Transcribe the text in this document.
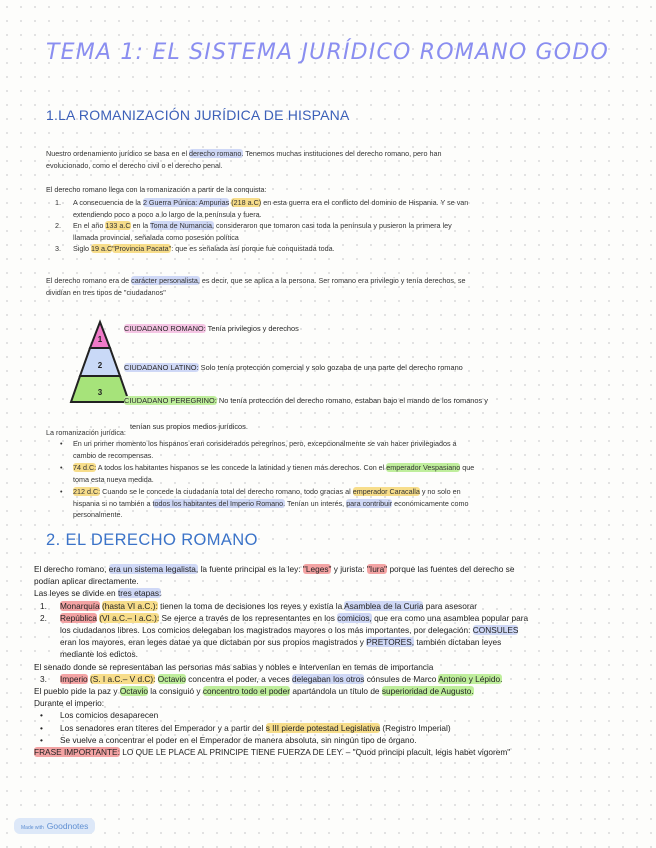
TEMA 1: EL SISTEMA JURÍDICO ROMANO GODO
1.LA ROMANIZACIÓN JURÍDICA DE HISPANA
Nuestro ordenamiento jurídico se basa en el derecho romano. Tenemos muchas instituciones del derecho romano, pero han
evolucionado, como el derecho civil o el derecho penal.
El derecho romano llega con la romanización a partir de la conquista:
1.	A consecuencia de la 2 Guerra Púnica: Ampurias (218 a.C) en esta guerra era el conflicto del dominio de Hispania. Y se van
extendiendo poco a poco a lo largo de la península y fuera.
2.	En el año 133 a.C en la Toma de Numancia, consideraron que tomaron casi toda la península y pusieron la primera ley
llamada provincial, señalada como posesión política
3.	Siglo 19 a.C"Provincia Pacata": que es señalada así porque fue conquistada toda.
El derecho romano era de carácter personalista, es decir, que se aplica a la persona. Ser romano era privilegio y tenía derechos, se
dividían en tres tipos de "ciudadanos"
1
2
3
CIUDADANO ROMANO: Tenía privilegios y derechos
CIUDADANO LATINO: Solo tenía protección comercial y solo gozaba de una parte del derecho romano
CIUDADANO PEREGRINO: No tenía protección del derecho romano, estaban bajo el mando de los romanos y
tenían sus propios medios jurídicos.
La romanización jurídica:
•	En un primer momento los hispanos eran considerados peregrinos, pero, excepcionalmente se van hacer privilegiados a
cambio de recompensas.
•	74 d.C: A todos los habitantes hispanos se les concede la latinidad y tienen más derechos. Con el emperador Vespasiano que
toma esta nueva medida.
•	212 d.C: Cuando se le concede la ciudadanía total del derecho romano, todo gracias al emperador Caracalla y no solo en
hispania si no también a todos los habitantes del Imperio Romano. Tenían un interés, para contribuir económicamente como
personalmente.
2. EL DERECHO ROMANO
El derecho romano, era un sistema legalista, la fuente principal es la ley: "Leges" y jurista: "Iura" porque las fuentes del derecho se
podían aplicar directamente.
Las leyes se divide en tres etapas:
1.	Monarquía (hasta VI a.C.): tienen la toma de decisiones los reyes y existía la Asamblea de la Curia para asesorar
2.	República (VI a.C.– I a.C.): Se ejerce a través de los representantes en los comicios, que era como una asamblea popular para
los ciudadanos libres. Los comicios delegaban los magistrados mayores o los más importantes, por delegación: CONSULES
eran los mayores, eran leges datae ya que dictaban por sus propios magistrados y PRETORES, también dictaban leyes
mediante los edictos.
El senado donde se representaban las personas más sabias y nobles e intervenían en temas de importancia
3.	Imperio (S. I a.C.– V d.C): Octavio concentra el poder, a veces delegaban los otros cónsules de Marco Antonio y Lépido.
El pueblo pide la paz y Octavio la consiguió y concentro todo el poder apartándola un título de superioridad de Augusto.
Durante el imperio:
•	Los comicios desaparecen
•	Los senadores eran títeres del Emperador y a partir del s III pierde potestad Legislativa (Registro Imperial)
•	Se vuelve a concentrar el poder en el Emperador de manera absoluta, sin ningún tipo de órgano.
FRASE IMPORTANTE: LO QUE LE PLACE AL PRINCIPE TIENE FUERZA DE LEY. – "Quod principi placuit, legis habet vigorem"
Made with Goodnotes
